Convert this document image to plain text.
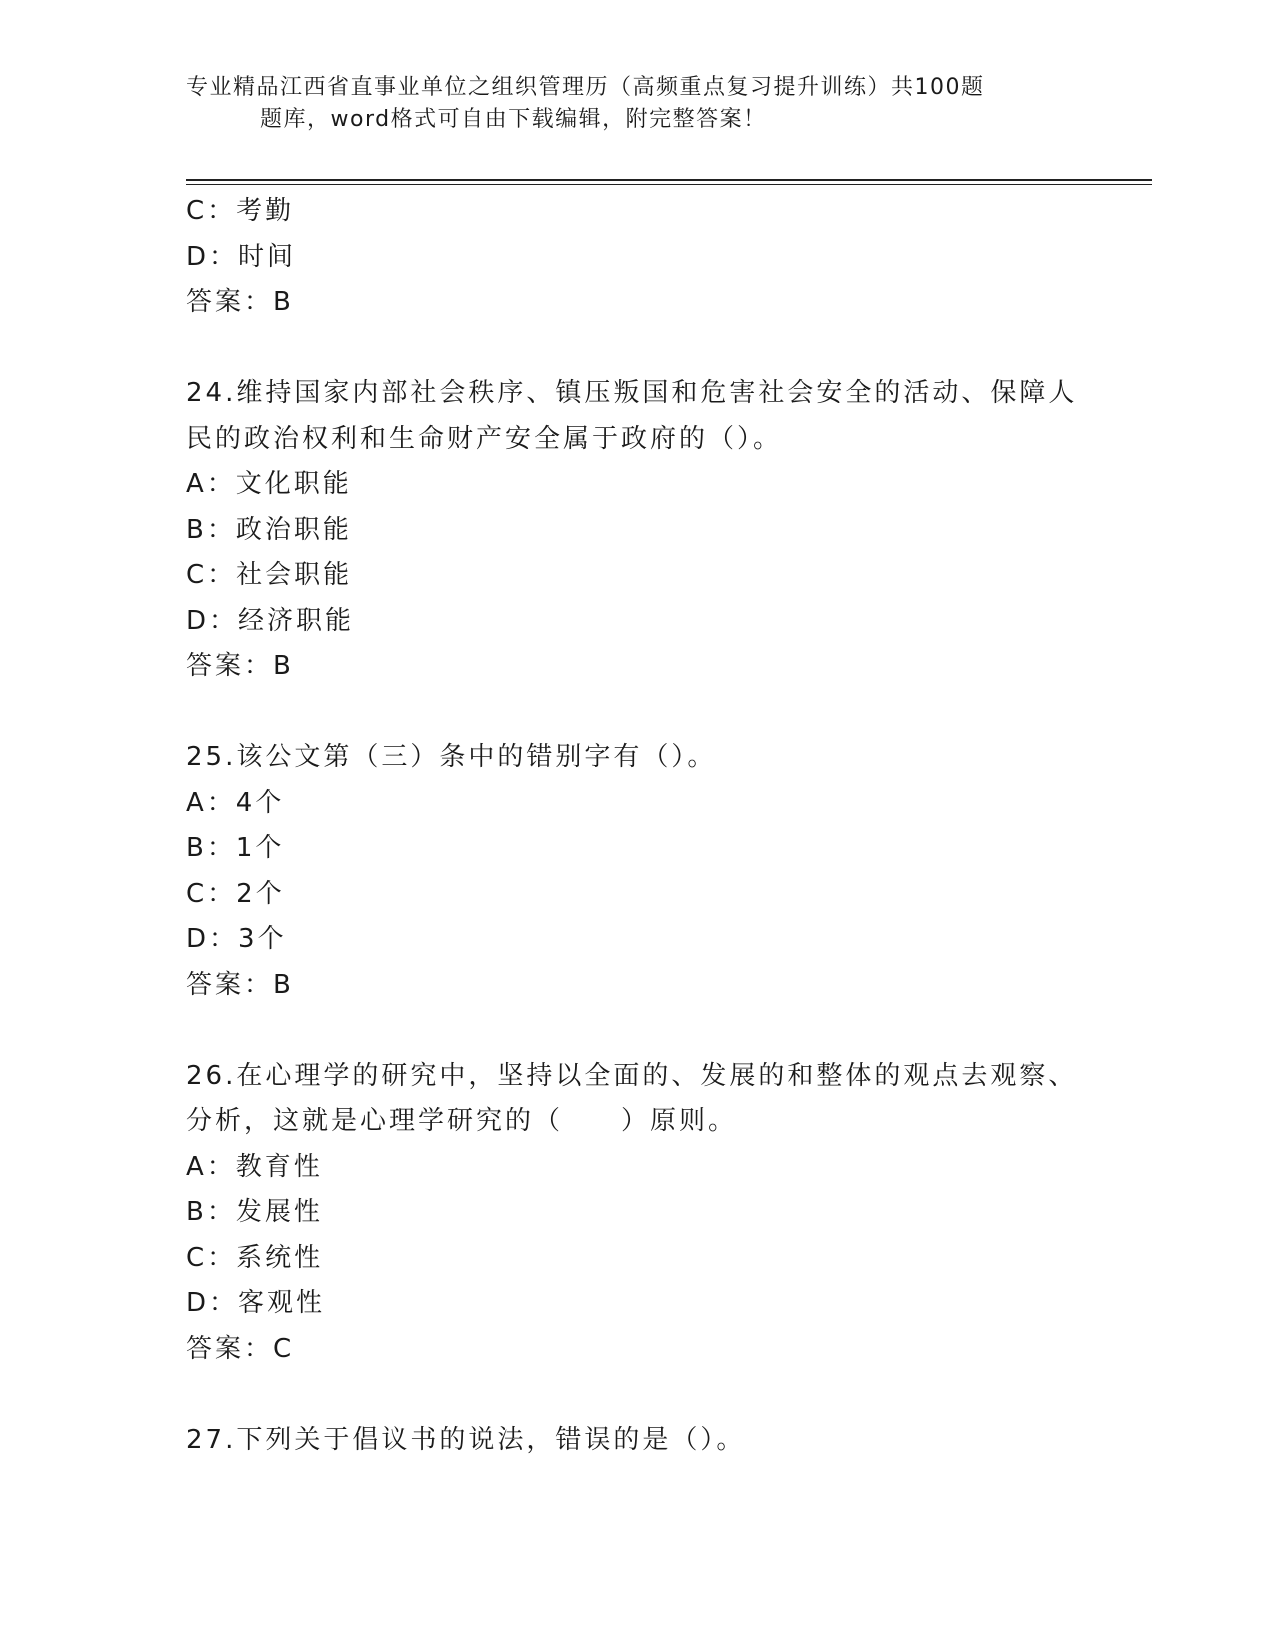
专业精品江西省直事业单位之组织管理历（高频重点复习提升训练）共100题
题库，word格式可自由下载编辑，附完整答案！
C：考勤
D：时间
答案：B
24.维持国家内部社会秩序、镇压叛国和危害社会安全的活动、保障人
民的政治权利和生命财产安全属于政府的（）。
A：文化职能
B：政治职能
C：社会职能
D：经济职能
答案：B
25.该公文第（三）条中的错别字有（）。
A：4个
B：1个
C：2个
D：3个
答案：B
26.在心理学的研究中，坚持以全面的、发展的和整体的观点去观察、
分析，这就是心理学研究的（　　）原则。
A：教育性
B：发展性
C：系统性
D：客观性
答案：C
27.下列关于倡议书的说法，错误的是（）。
